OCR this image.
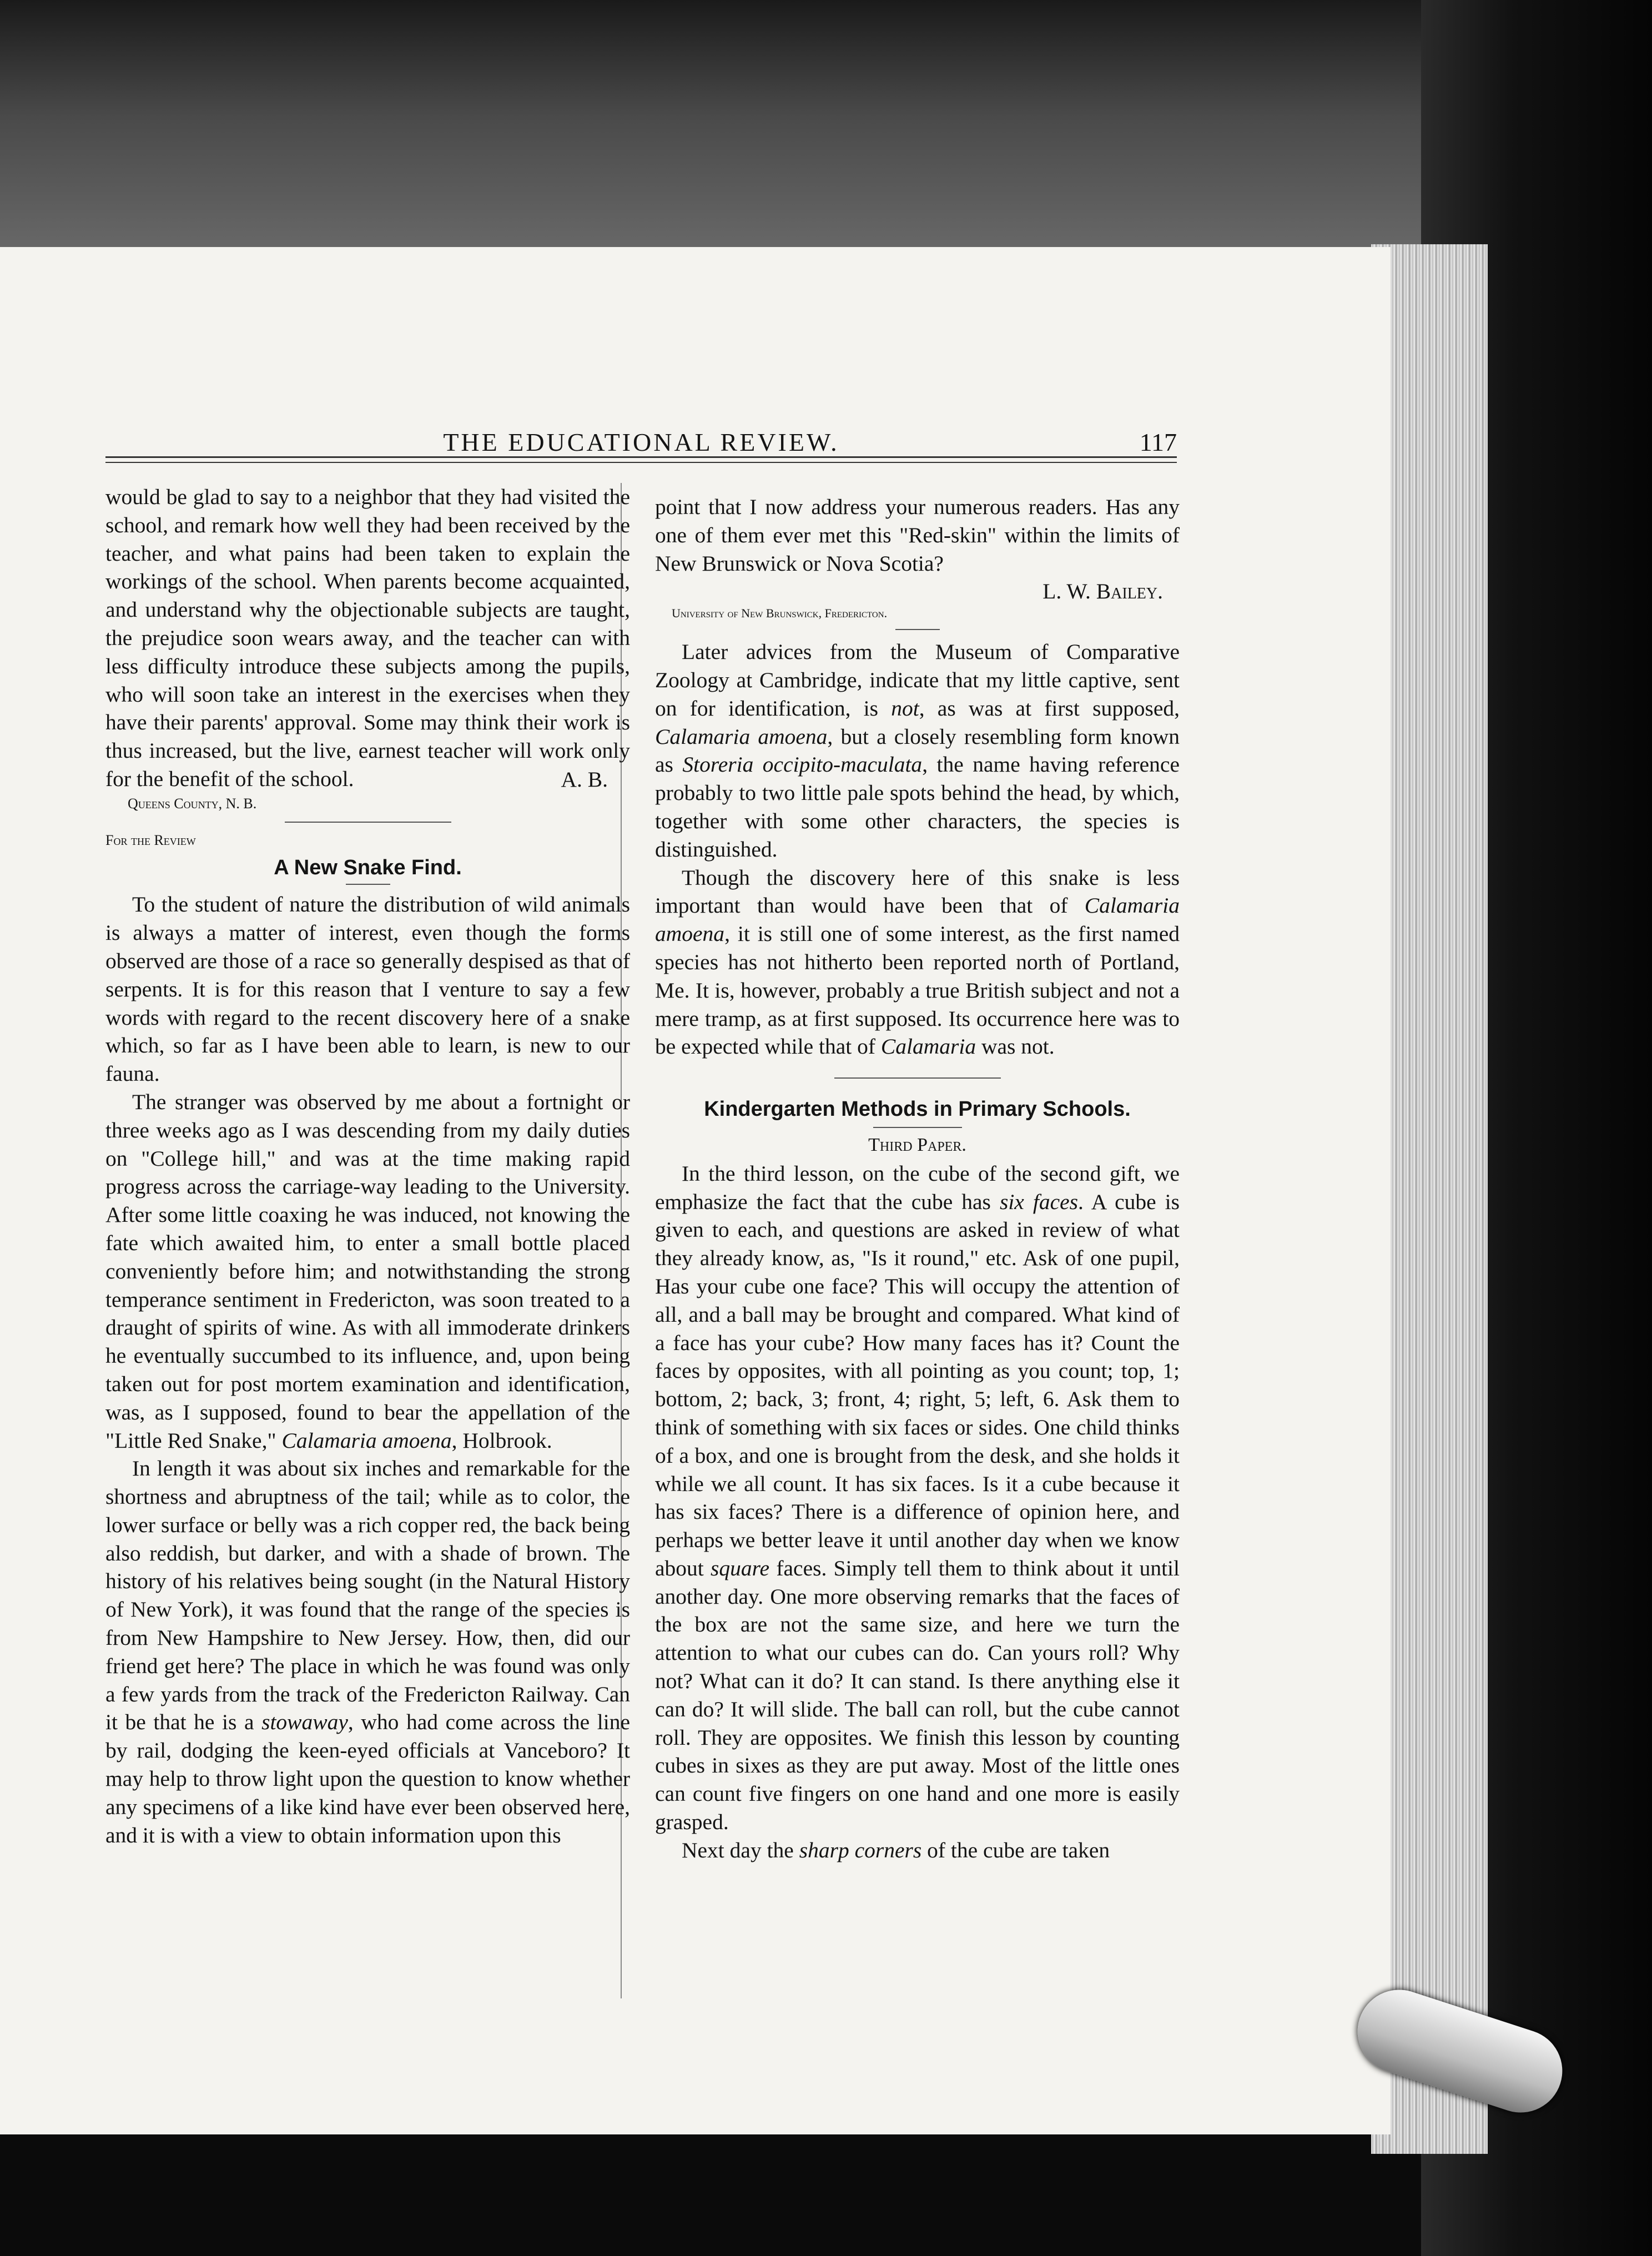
THE EDUCATIONAL REVIEW.	117

would be glad to say to a neighbor that they had visited the school, and remark how well they had been received by the teacher, and what pains had been taken to explain the workings of the school. When parents become acquainted, and understand why the objectionable subjects are taught, the prejudice soon wears away, and the teacher can with less difficulty introduce these subjects among the pupils, who will soon take an interest in the exercises when they have their parents' approval. Some may think their work is thus increased, but the live, earnest teacher will work only for the benefit of the school.	A. B.

Queens County, N. B.

For the Review

A New Snake Find.

To the student of nature the distribution of wild animals is always a matter of interest, even though the forms observed are those of a race so generally despised as that of serpents. It is for this reason that I venture to say a few words with regard to the recent discovery here of a snake which, so far as I have been able to learn, is new to our fauna.

The stranger was observed by me about a fortnight or three weeks ago as I was descending from my daily duties on "College hill," and was at the time making rapid progress across the carriage-way leading to the University. After some little coaxing he was induced, not knowing the fate which awaited him, to enter a small bottle placed conveniently before him; and notwithstanding the strong temperance sentiment in Fredericton, was soon treated to a draught of spirits of wine. As with all immoderate drinkers he eventually succumbed to its influence, and, upon being taken out for post mortem examination and identification, was, as I supposed, found to bear the appellation of the "Little Red Snake," Calamaria amoena, Holbrook.

In length it was about six inches and remarkable for the shortness and abruptness of the tail; while as to color, the lower surface or belly was a rich copper red, the back being also reddish, but darker, and with a shade of brown. The history of his relatives being sought (in the Natural History of New York), it was found that the range of the species is from New Hampshire to New Jersey. How, then, did our friend get here? The place in which he was found was only a few yards from the track of the Fredericton Railway. Can it be that he is a stowaway, who had come across the line by rail, dodging the keen-eyed officials at Vanceboro? It may help to throw light upon the question to know whether any specimens of a like kind have ever been observed here, and it is with a view to obtain information upon this

point that I now address your numerous readers. Has any one of them ever met this "Red-skin" within the limits of New Brunswick or Nova Scotia?

L. W. Bailey.

University of New Brunswick, Fredericton.

Later advices from the Museum of Comparative Zoology at Cambridge, indicate that my little captive, sent on for identification, is not, as was at first supposed, Calamaria amoena, but a closely resembling form known as Storeria occipito-maculata, the name having reference probably to two little pale spots behind the head, by which, together with some other characters, the species is distinguished.

Though the discovery here of this snake is less important than would have been that of Calamaria amoena, it is still one of some interest, as the first named species has not hitherto been reported north of Portland, Me. It is, however, probably a true British subject and not a mere tramp, as at first supposed. Its occurrence here was to be expected while that of Calamaria was not.

Kindergarten Methods in Primary Schools.

Third Paper.

In the third lesson, on the cube of the second gift, we emphasize the fact that the cube has six faces. A cube is given to each, and questions are asked in review of what they already know, as, "Is it round," etc. Ask of one pupil, Has your cube one face? This will occupy the attention of all, and a ball may be brought and compared. What kind of a face has your cube? How many faces has it? Count the faces by opposites, with all pointing as you count; top, 1; bottom, 2; back, 3; front, 4; right, 5; left, 6. Ask them to think of something with six faces or sides. One child thinks of a box, and one is brought from the desk, and she holds it while we all count. It has six faces. Is it a cube because it has six faces? There is a difference of opinion here, and perhaps we better leave it until another day when we know about square faces. Simply tell them to think about it until another day. One more observing remarks that the faces of the box are not the same size, and here we turn the attention to what our cubes can do. Can yours roll? Why not? What can it do? It can stand. Is there anything else it can do? It will slide. The ball can roll, but the cube cannot roll. They are opposites. We finish this lesson by counting cubes in sixes as they are put away. Most of the little ones can count five fingers on one hand and one more is easily grasped.

Next day the sharp corners of the cube are taken
